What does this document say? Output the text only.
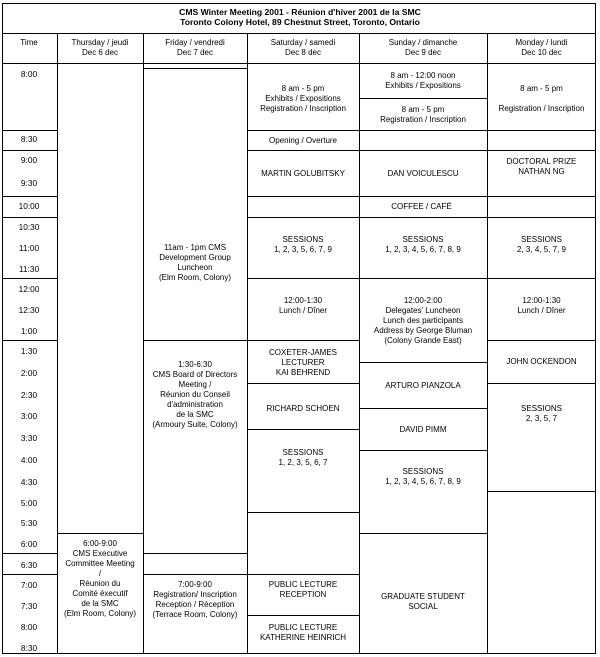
CMS Winter Meeting 2001 - Réunion d'hiver 2001 de la SMC
Toronto Colony Hotel, 89 Chestnut Street, Toronto, Ontario
Time	Thursday / jeudi
Dec 6 dec
Friday / vendredi
Dec 7 dec
Saturday / samedi
Dec 8 dec
Sunday / dimanche
Dec 9 dec
Monday / lundi
Dec 10 dec
6:00-9:00
CMS Executive
Committee Meeting
/
Réunion du
Comité éxecutif
de la SMC
(Elm Room, Colony)
11am - 1pm CMS
Development Group
Luncheon
(Elm Room, Colony)
1:30-6:30
CMS Board of Directors
Meeting /
Réunion du Conseil
d'administration
de la SMC
(Armoury Suite, Colony)
7:00-9:00
Registration/ Inscription
Reception / Réception
(Terrace Room, Colony)
8 am - 5 pm
Exhibits / Expositions
Registration / Inscription
Opening / Overture
MARTIN GOLUBITSKY
COFFEE / CAFÉ
SESSIONS
1, 2, 3, 5, 6, 7, 9
12:00-1:30
Lunch / Dîner
COXETER-JAMES
LECTURER
KAI BEHREND
RICHARD SCHOEN
SESSIONS
1, 2, 3, 5, 6, 7
PUBLIC LECTURE
RECEPTION
PUBLIC LECTURE
KATHERINE HEINRICH
8 am - 12:00 noon
Exhibits / Expositions
8 am - 5 pm
Registration / Inscription
DAN VOICULESCU
SESSIONS
1, 2, 3, 4, 5, 6, 7, 8, 9
12:00-2:00
Delegates' Luncheon
Lunch des participants
Address by George Bluman
(Colony Grande East)
ARTURO PIANZOLA
DAVID PIMM
SESSIONS
1, 2, 3, 4, 5, 6, 7, 8, 9
GRADUATE STUDENT
SOCIAL
8 am - 5 pm

Registration / Inscription
DOCTORAL PRIZE
NATHAN NG
SESSIONS
2, 3, 4, 5, 7, 9
12:00-1:30
Lunch / Dîner
JOHN OCKENDON
SESSIONS
2, 3, 5, 7
8:00
8:30
9:00
9:30
10:00
10:30
11:00
11:30
12:00
12:30
1:00
1:30
2:00
2:30
3:00
3:30
4:00
4:30
5:00
5:30
6:00
6:30
7:00
7:30
8:00
8:30
